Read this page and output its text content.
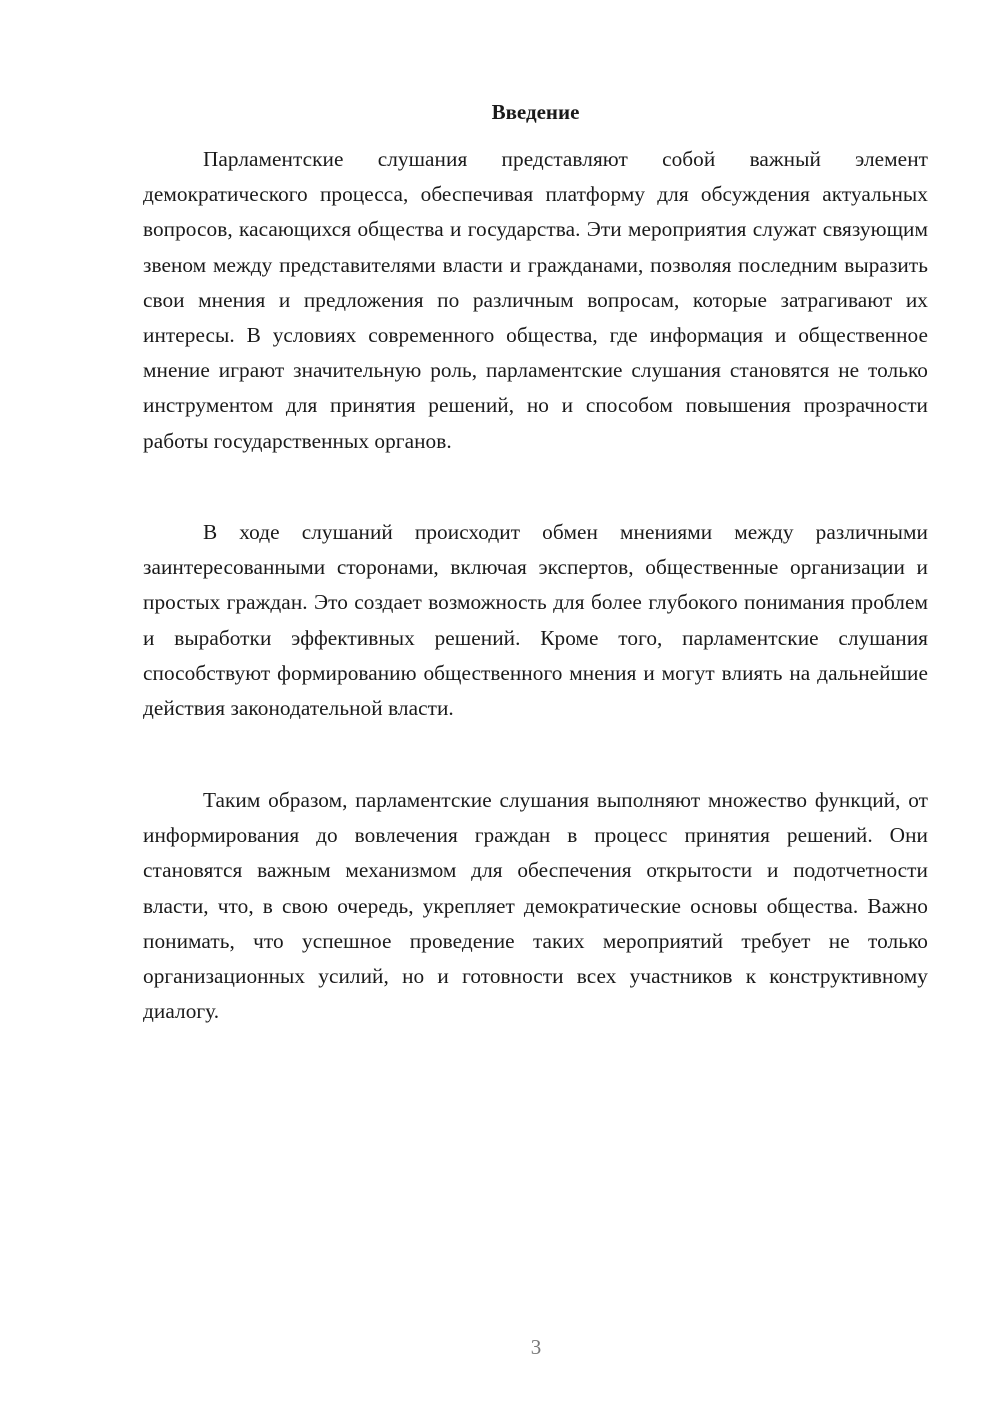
Введение

Парламентские слушания представляют собой важный элемент демократического процесса, обеспечивая платформу для обсуждения актуальных вопросов, касающихся общества и государства. Эти мероприятия служат связующим звеном между представителями власти и гражданами, позволяя последним выразить свои мнения и предложения по различным вопросам, которые затрагивают их интересы. В условиях современного общества, где информация и общественное мнение играют значительную роль, парламентские слушания становятся не только инструментом для принятия решений, но и способом повышения прозрачности работы государственных органов.

В ходе слушаний происходит обмен мнениями между различными заинтересованными сторонами, включая экспертов, общественные организации и простых граждан. Это создает возможность для более глубокого понимания проблем и выработки эффективных решений. Кроме того, парламентские слушания способствуют формированию общественного мнения и могут влиять на дальнейшие действия законодательной власти.

Таким образом, парламентские слушания выполняют множество функций, от информирования до вовлечения граждан в процесс принятия решений. Они становятся важным механизмом для обеспечения открытости и подотчетности власти, что, в свою очередь, укрепляет демократические основы общества. Важно понимать, что успешное проведение таких мероприятий требует не только организационных усилий, но и готовности всех участников к конструктивному диалогу.

3
